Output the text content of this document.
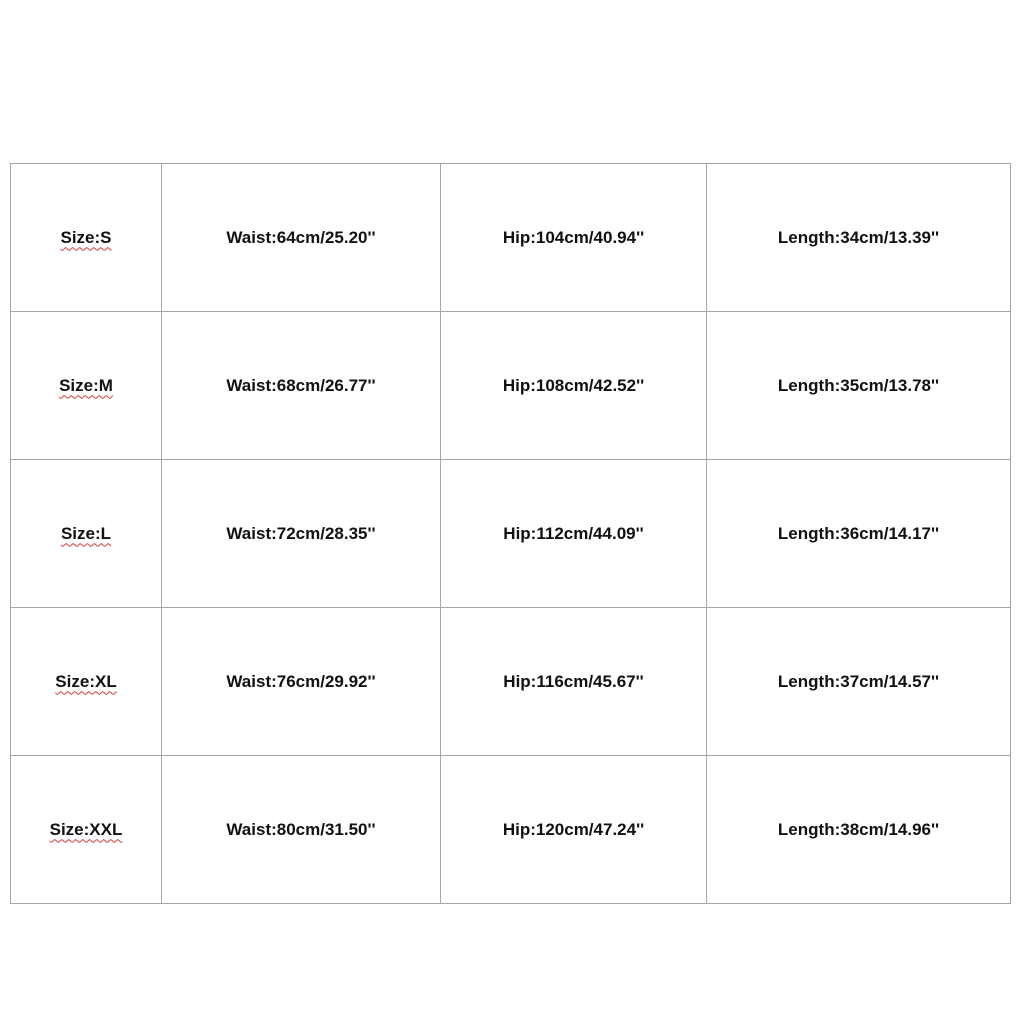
Size:S	Waist:64cm/25.20''	Hip:104cm/40.94''	Length:34cm/13.39''
Size:M	Waist:68cm/26.77''	Hip:108cm/42.52''	Length:35cm/13.78''
Size:L	Waist:72cm/28.35''	Hip:112cm/44.09''	Length:36cm/14.17''
Size:XL	Waist:76cm/29.92''	Hip:116cm/45.67''	Length:37cm/14.57''
Size:XXL	Waist:80cm/31.50''	Hip:120cm/47.24''	Length:38cm/14.96''
